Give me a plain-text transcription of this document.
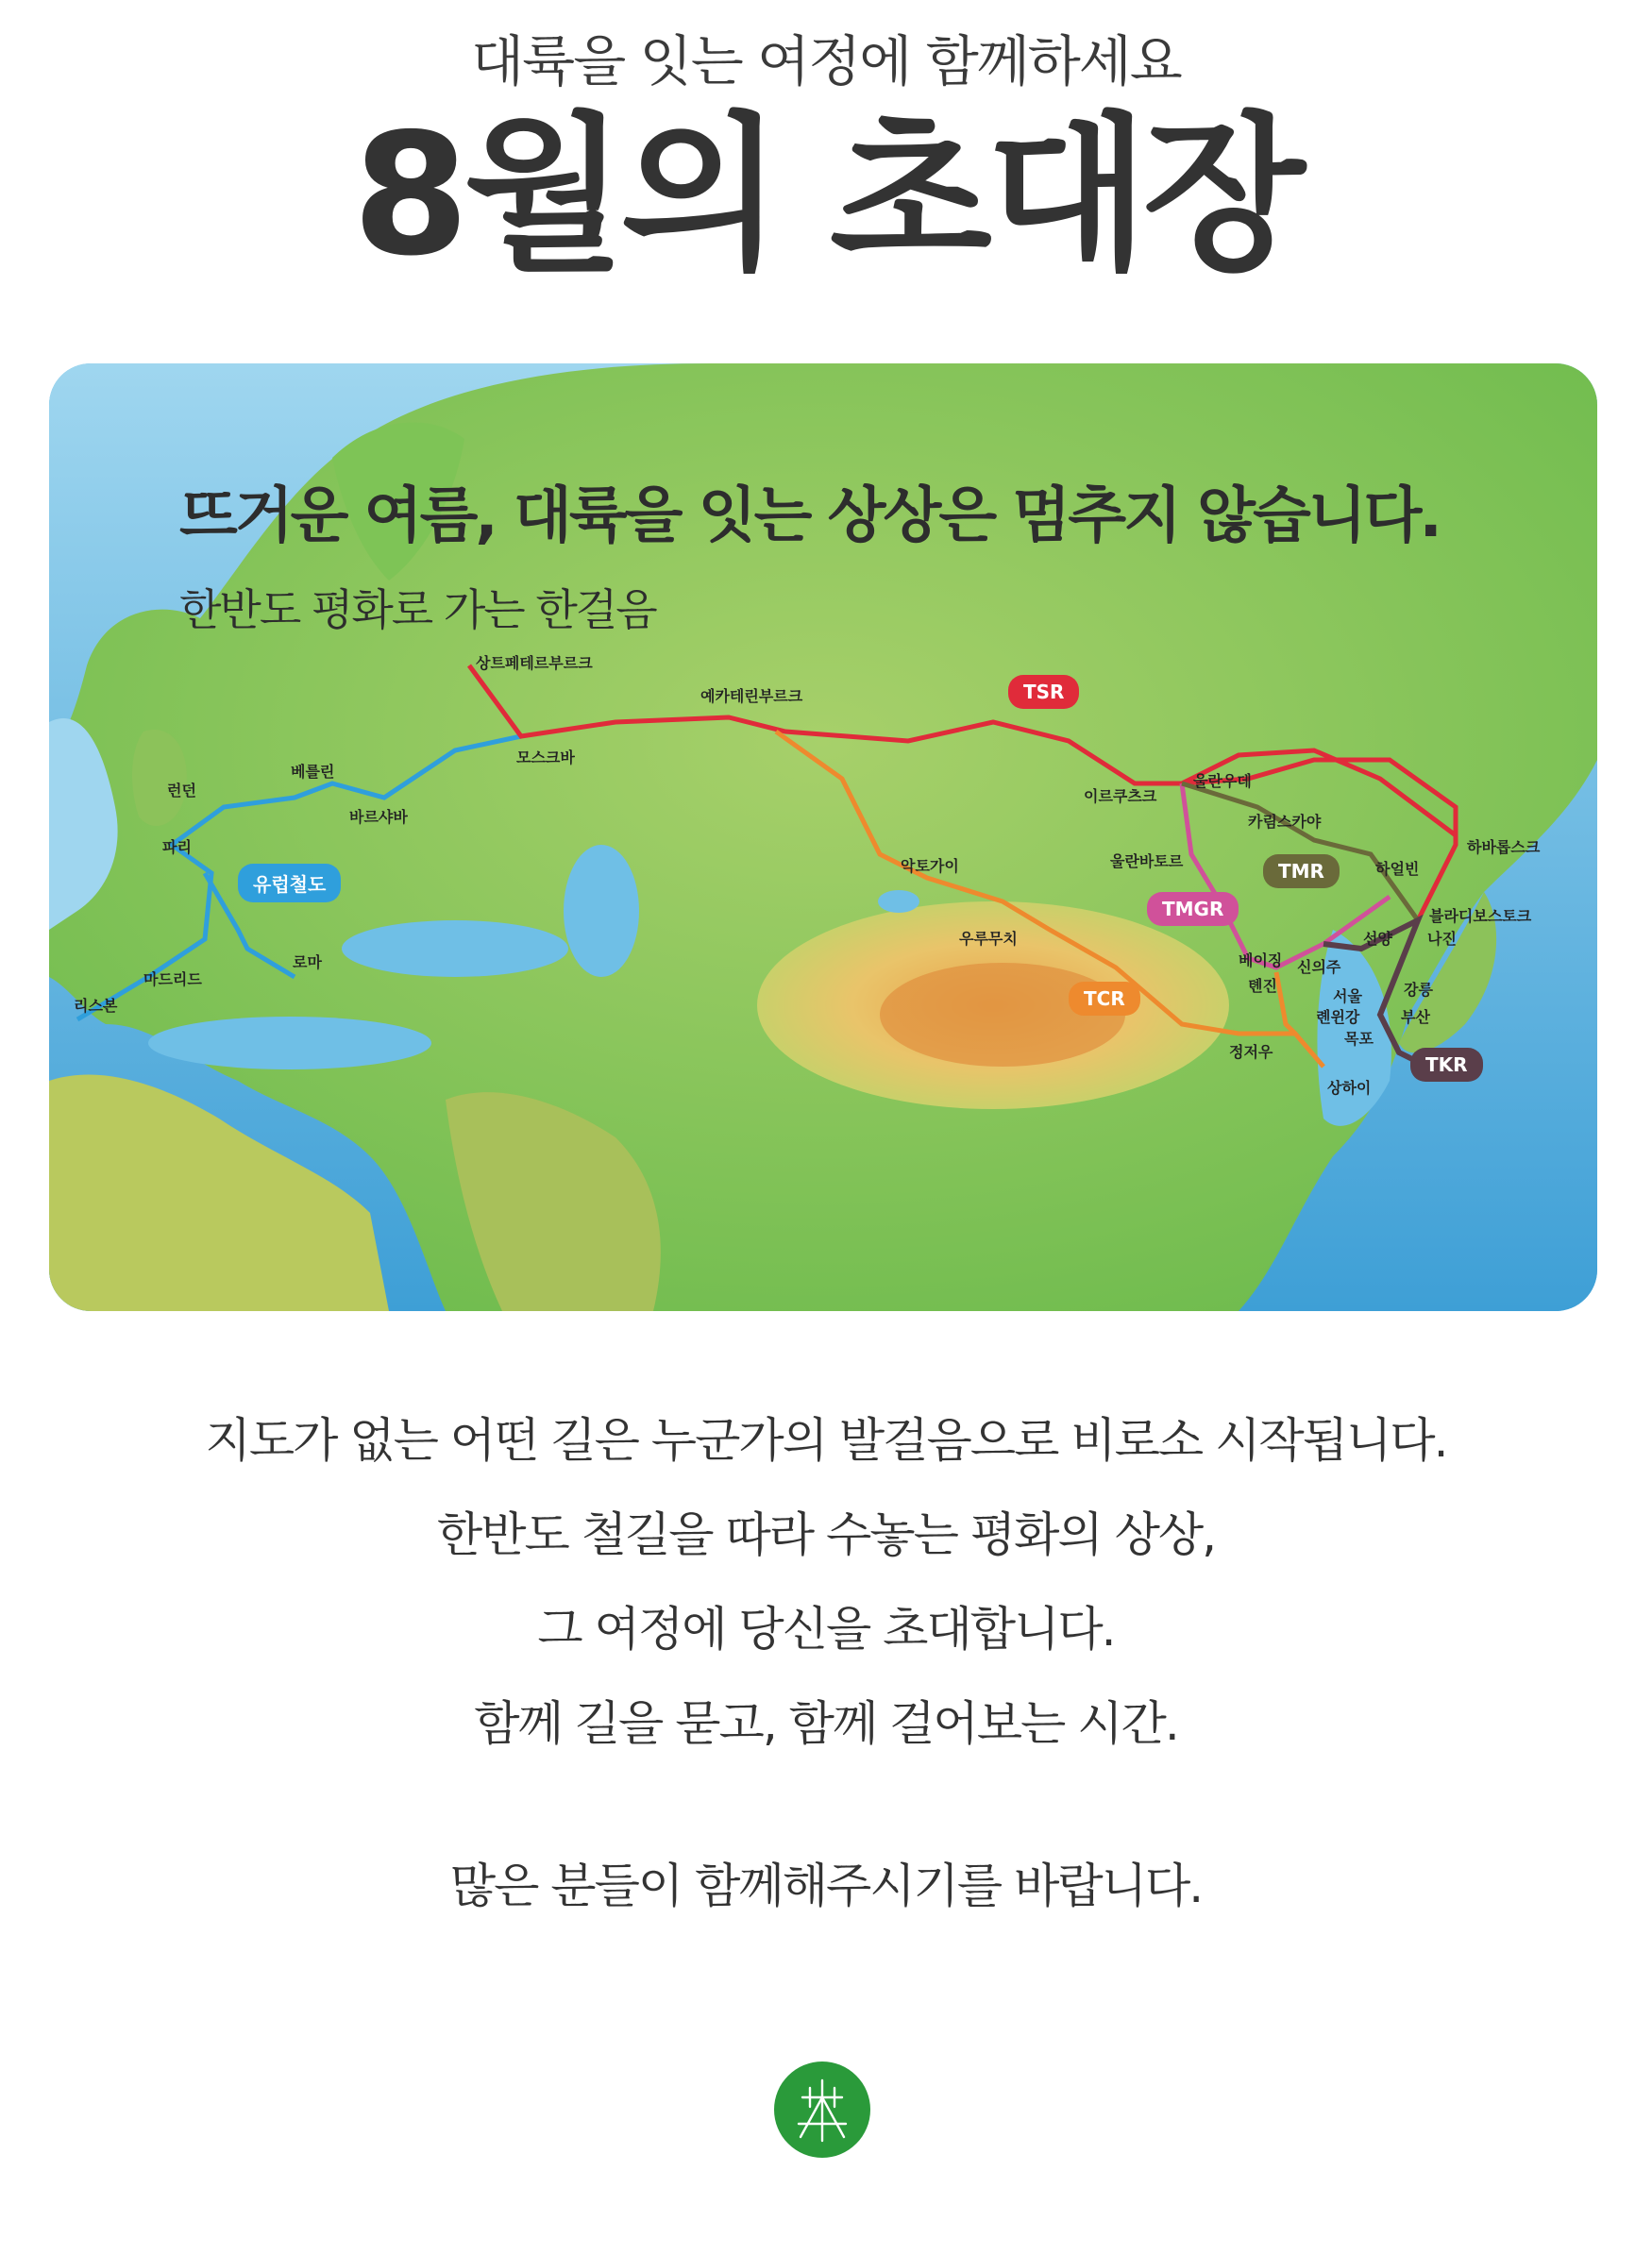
대륙을 잇는 여정에 함께하세요
8월의 초대장
뜨거운 여름, 대륙을 잇는 상상은 멈추지 않습니다.
한반도 평화로 가는 한걸음
TSR
TCR
TMGR
TMR
TKR
유럽철도
상트페테르부르크
모스크바
예카테린부르크
이르쿠츠크
울란우데
카림스카야
하바롭스크
울란바토르	하얼빈
블라디보스토크
나진
악토가이
우루무치
베이징
톈진
선양
신의주
서울	강릉
롄윈강	부산
목포
정저우
상하이
베를린
바르샤바
런던
파리
로마
마드리드
리스본
지도가 없는 어떤 길은 누군가의 발걸음으로 비로소 시작됩니다.
한반도 철길을 따라 수놓는 평화의 상상,
그 여정에 당신을 초대합니다.
함께 길을 묻고, 함께 걸어보는 시간.
많은 분들이 함께해주시기를 바랍니다.
